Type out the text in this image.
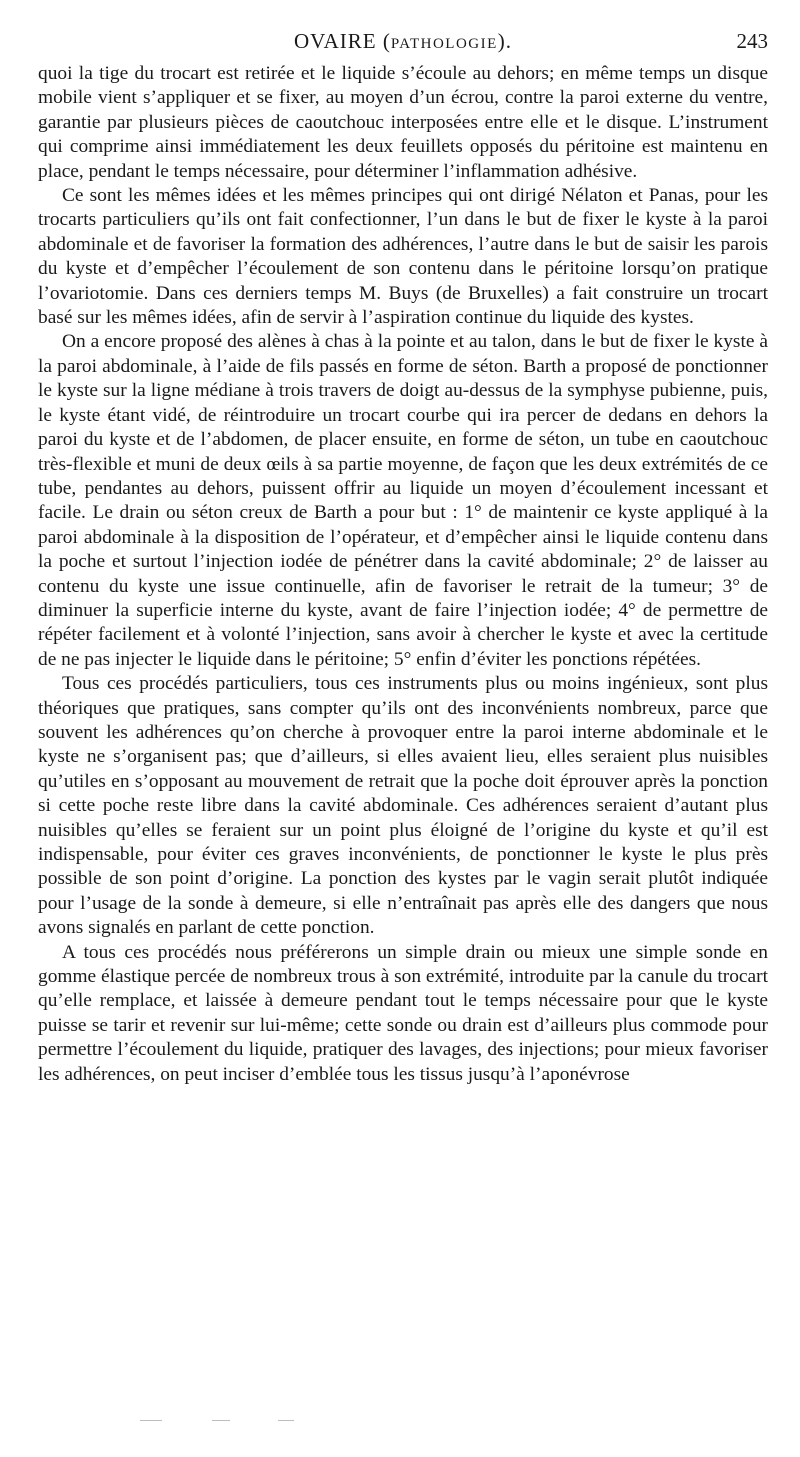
OVAIRE (PATHOLOGIE).	243

quoi la tige du trocart est retirée et le liquide s’écoule au dehors; en même temps un disque mobile vient s’appliquer et se fixer, au moyen d’un écrou, contre la paroi externe du ventre, garantie par plusieurs pièces de caoutchouc interposées entre elle et le disque. L’instrument qui comprime ainsi immédiatement les deux feuillets opposés du péritoine est maintenu en place, pendant le temps nécessaire, pour déterminer l’inflammation adhésive.

Ce sont les mêmes idées et les mêmes principes qui ont dirigé Nélaton et Panas, pour les trocarts particuliers qu’ils ont fait confectionner, l’un dans le but de fixer le kyste à la paroi abdominale et de favoriser la formation des adhérences, l’autre dans le but de saisir les parois du kyste et d’empêcher l’écoulement de son contenu dans le péritoine lorsqu’on pratique l’ovariotomie. Dans ces derniers temps M. Buys (de Bruxelles) a fait construire un trocart basé sur les mêmes idées, afin de servir à l’aspiration continue du liquide des kystes.

On a encore proposé des alènes à chas à la pointe et au talon, dans le but de fixer le kyste à la paroi abdominale, à l’aide de fils passés en forme de séton. Barth a proposé de ponctionner le kyste sur la ligne médiane à trois travers de doigt au-dessus de la symphyse pubienne, puis, le kyste étant vidé, de réintroduire un trocart courbe qui ira percer de dedans en dehors la paroi du kyste et de l’abdomen, de placer ensuite, en forme de séton, un tube en caoutchouc très-flexible et muni de deux œils à sa partie moyenne, de façon que les deux extrémités de ce tube, pendantes au dehors, puissent offrir au liquide un moyen d’écoulement incessant et facile. Le drain ou séton creux de Barth a pour but : 1° de maintenir ce kyste appliqué à la paroi abdominale à la disposition de l’opérateur, et d’empêcher ainsi le liquide contenu dans la poche et surtout l’injection iodée de pénétrer dans la cavité abdominale; 2° de laisser au contenu du kyste une issue continuelle, afin de favoriser le retrait de la tumeur; 3° de diminuer la superficie interne du kyste, avant de faire l’injection iodée; 4° de permettre de répéter facilement et à volonté l’injection, sans avoir à chercher le kyste et avec la certitude de ne pas injecter le liquide dans le péritoine; 5° enfin d’éviter les ponctions répétées.

Tous ces procédés particuliers, tous ces instruments plus ou moins ingénieux, sont plus théoriques que pratiques, sans compter qu’ils ont des inconvénients nombreux, parce que souvent les adhérences qu’on cherche à provoquer entre la paroi interne abdominale et le kyste ne s’organisent pas; que d’ailleurs, si elles avaient lieu, elles seraient plus nuisibles qu’utiles en s’opposant au mouvement de retrait que la poche doit éprouver après la ponction si cette poche reste libre dans la cavité abdominale. Ces adhérences seraient d’autant plus nuisibles qu’elles se feraient sur un point plus éloigné de l’origine du kyste et qu’il est indispensable, pour éviter ces graves inconvénients, de ponctionner le kyste le plus près possible de son point d’origine. La ponction des kystes par le vagin serait plutôt indiquée pour l’usage de la sonde à demeure, si elle n’entraînait pas après elle des dangers que nous avons signalés en parlant de cette ponction.

A tous ces procédés nous préférerons un simple drain ou mieux une simple sonde en gomme élastique percée de nombreux trous à son extrémité, introduite par la canule du trocart qu’elle remplace, et laissée à demeure pendant tout le temps nécessaire pour que le kyste puisse se tarir et revenir sur lui-même; cette sonde ou drain est d’ailleurs plus commode pour permettre l’écoulement du liquide, pratiquer des lavages, des injections; pour mieux favoriser les adhérences, on peut inciser d’emblée tous les tissus jusqu’à l’aponévrose
